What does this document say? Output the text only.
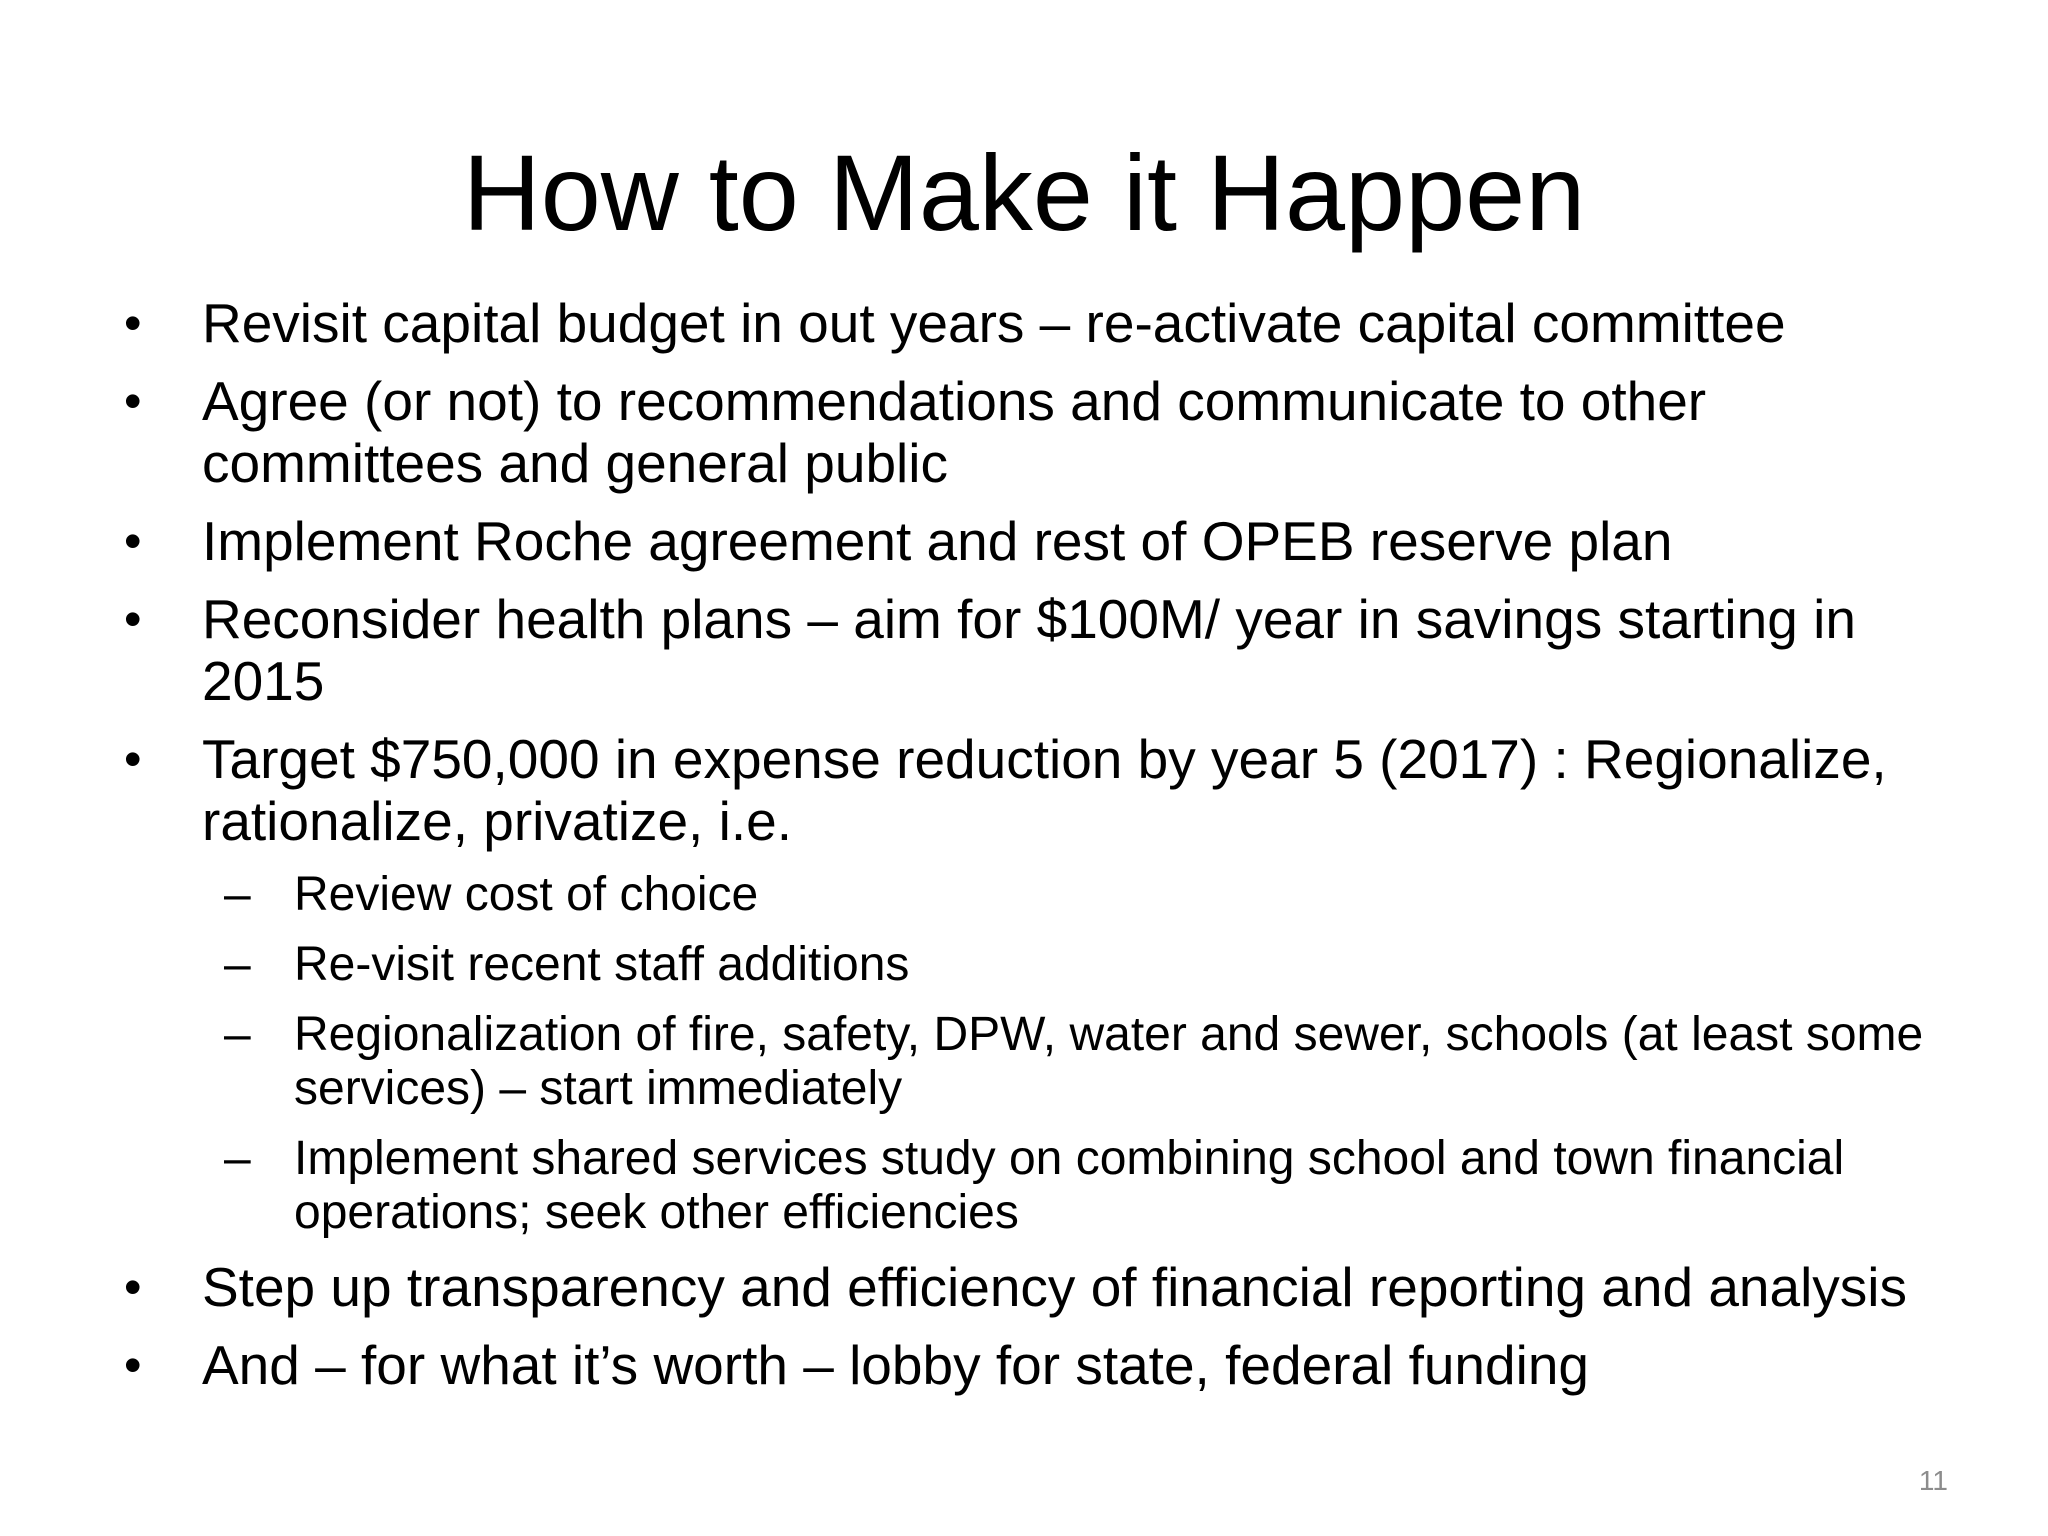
How to Make it Happen
• Revisit capital budget in out years – re-activate capital committee
• Agree (or not) to recommendations and communicate to other committees and general public
• Implement Roche agreement and rest of OPEB reserve plan
• Reconsider health plans – aim for $100M/ year in savings starting in 2015
• Target $750,000 in expense reduction by year 5 (2017) : Regionalize, rationalize, privatize, i.e.
– Review cost of choice
– Re-visit recent staff additions
– Regionalization of fire, safety, DPW, water and sewer, schools (at least some services) – start immediately
– Implement shared services study on combining school and town financial operations; seek other efficiencies
• Step up transparency and efficiency of financial reporting and analysis
• And – for what it’s worth – lobby for state, federal funding
11
